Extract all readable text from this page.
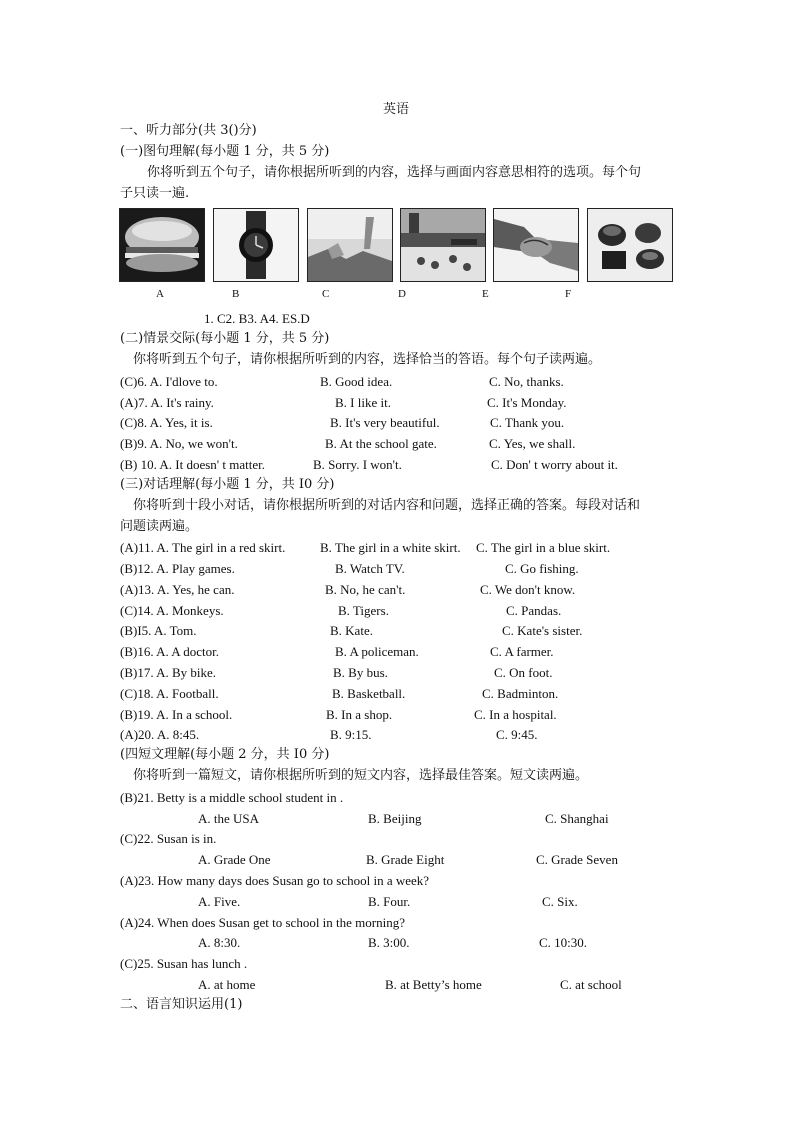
英语
一、听力部分(共 3()分)
(一)图句理解(每小题 1 分，共 5 分)
你将听到五个句子，请你根据所听到的内容，选择与画面内容意思相符的选项。每个句
子只读一遍.
A	B	C	D	E	F
1. C2. B3. A4. ES.D
(二)情景交际(每小题 1 分，共 5 分)
你将听到五个句子，请你根据所听到的内容，选择恰当的答语。每个句子读两遍。
(C)6. A. I'dlove to.	B. Good idea.	C. No, thanks.
(A)7. A. It's rainy.	B. I like it.	C. It's Monday.
(C)8. A. Yes, it is.	B. It's very beautiful.	C. Thank you.
(B)9. A. No, we won't.	B. At the school gate.	C. Yes, we shall.
(B) 10. A. It doesn' t matter.	B. Sorry. I won't.	C. Don' t worry about it.
(三)对话理解(每小题 1 分，共 I0 分)
你将听到十段小对话，请你根据所听到的对话内容和问题，选择正确的答案。每段对话和
问题读两遍。
(A)11. A. The girl in a red skirt.	B. The girl in a white skirt. C. The girl in a blue skirt.
(B)12. A. Play games.	B. Watch TV.	C. Go fishing.
(A)13. A. Yes, he can.	B. No, he can't.	C. We don't know.
(C)14. A. Monkeys.	B. Tigers.	C. Pandas.
(B)I5. A. Tom.	B. Kate.	C. Kate's sister.
(B)16. A. A doctor.	B. A policeman.	C. A farmer.
(B)17. A. By bike.	B. By bus.	C. On foot.
(C)18. A. Football.	B. Basketball.	C. Badminton.
(B)19. A. In a school.	B. In a shop.	C. In a hospital.
(A)20. A. 8:45.	B. 9:15.	C. 9:45.
(四短文理解(每小题 2 分，共 I0 分)
你将听到一篇短文，请你根据所听到的短文内容，选择最佳答案。短文读两遍。
(B)21. Betty is a middle school student in .
A. the USA	B. Beijing	C. Shanghai
(C)22. Susan is in.
A. Grade One	B. Grade Eight	C. Grade Seven
(A)23. How many days does Susan go to school in a week?
A. Five.	B. Four.	C. Six.
(A)24. When does Susan get to school in the morning?
A. 8:30.	B. 3:00.	C. 10:30.
(C)25. Susan has lunch .
A. at home	B. at Betty’s home	C. at school
二、语言知识运用(1)
